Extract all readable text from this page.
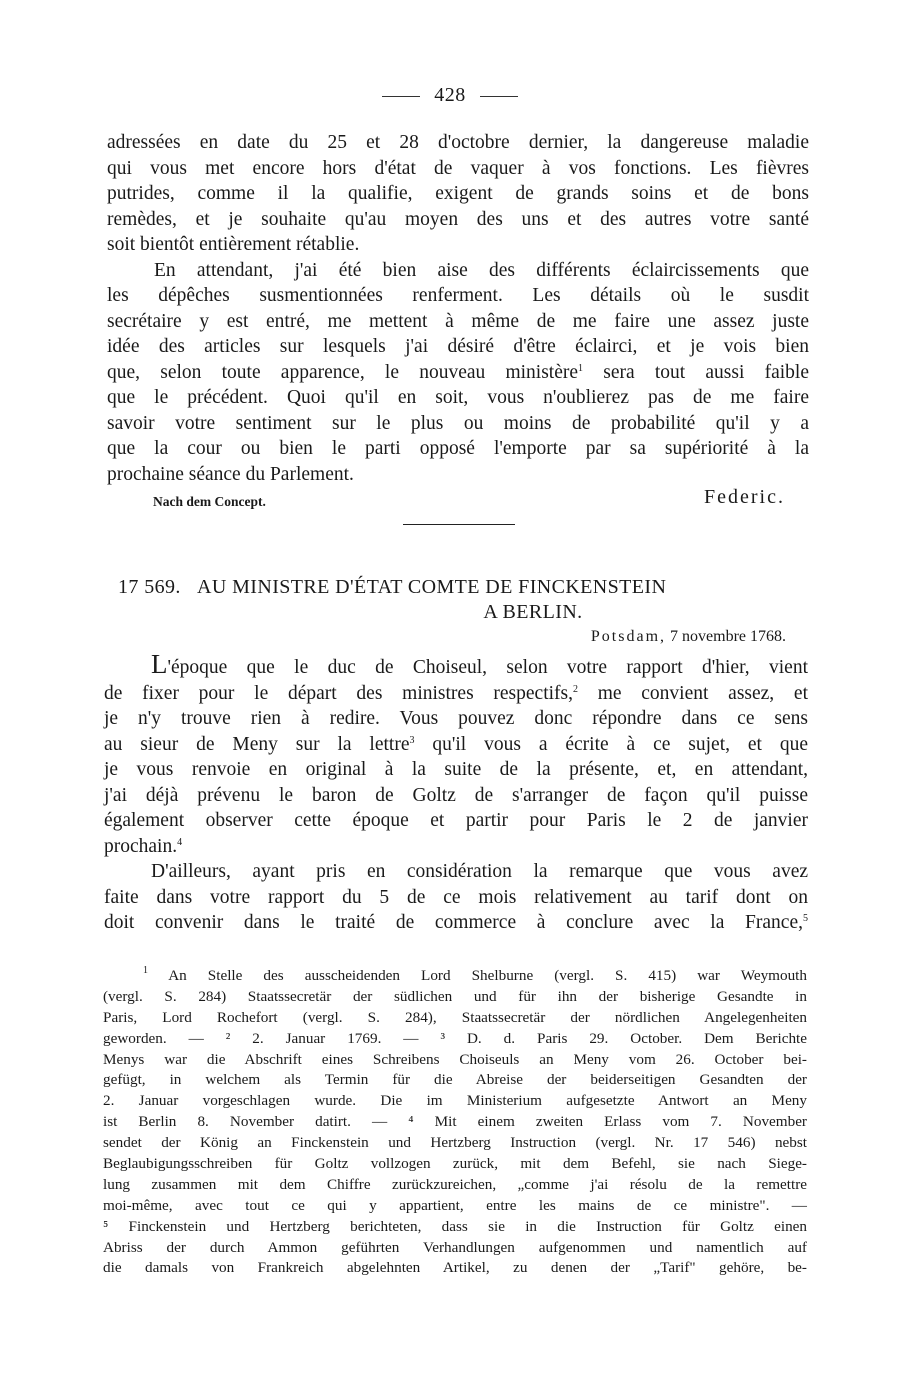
428
adressées en date du 25 et 28 d'octobre dernier, la dangereuse maladie
qui vous met encore hors d'état de vaquer à vos fonctions. Les fièvres
putrides, comme il la qualifie, exigent de grands soins et de bons
remèdes, et je souhaite qu'au moyen des uns et des autres votre santé
soit bientôt entièrement rétablie.
En attendant, j'ai été bien aise des différents éclaircissements que
les dépêches susmentionnées renferment. Les détails où le susdit
secrétaire y est entré, me mettent à même de me faire une assez juste
idée des articles sur lesquels j'ai désiré d'être éclairci, et je vois bien
que, selon toute apparence, le nouveau ministère$^1$ sera tout aussi faible
que le précédent. Quoi qu'il en soit, vous n'oublierez pas de me faire
savoir votre sentiment sur le plus ou moins de probabilité qu'il y a
que la cour ou bien le parti opposé l'emporte par sa supériorité à la
prochaine séance du Parlement.
Nach dem Concept.	Federic.
17 569. AU MINISTRE D'ÉTAT COMTE DE FINCKENSTEIN
A BERLIN.
Potsdam, 7 novembre 1768.
L'époque que le duc de Choiseul, selon votre rapport d'hier, vient
de fixer pour le départ des ministres respectifs,$^2$ me convient assez, et
je n'y trouve rien à redire. Vous pouvez donc répondre dans ce sens
au sieur de Meny sur la lettre$^3$ qu'il vous a écrite à ce sujet, et que
je vous renvoie en original à la suite de la présente, et, en attendant,
j'ai déjà prévenu le baron de Goltz de s'arranger de façon qu'il puisse
également observer cette époque et partir pour Paris le 2 de janvier
prochain.$^4$
D'ailleurs, ayant pris en considération la remarque que vous avez
faite dans votre rapport du 5 de ce mois relativement au tarif dont on
doit convenir dans le traité de commerce à conclure avec la France,$^5$
$^1$ An Stelle des ausscheidenden Lord Shelburne (vergl. S. 415) war Weymouth
(vergl. S. 284) Staatssecretär der südlichen und für ihn der bisherige Gesandte in
Paris, Lord Rochefort (vergl. S. 284), Staatssecretär der nördlichen Angelegenheiten
geworden. — ² 2. Januar 1769. — ³ D. d. Paris 29. October. Dem Berichte
Menys war die Abschrift eines Schreibens Choiseuls an Meny vom 26. October bei-
gefügt, in welchem als Termin für die Abreise der beiderseitigen Gesandten der
2. Januar vorgeschlagen wurde. Die im Ministerium aufgesetzte Antwort an Meny
ist Berlin 8. November datirt. — ⁴ Mit einem zweiten Erlass vom 7. November
sendet der König an Finckenstein und Hertzberg Instruction (vergl. Nr. 17 546) nebst
Beglaubigungsschreiben für Goltz vollzogen zurück, mit dem Befehl, sie nach Siege-
lung zusammen mit dem Chiffre zurückzureichen, „comme j'ai résolu de la remettre
moi-même, avec tout ce qui y appartient, entre les mains de ce ministre". —
⁵ Finckenstein und Hertzberg berichteten, dass sie in die Instruction für Goltz einen
Abriss der durch Ammon geführten Verhandlungen aufgenommen und namentlich auf
die damals von Frankreich abgelehnten Artikel, zu denen der „Tarif" gehöre, be-
